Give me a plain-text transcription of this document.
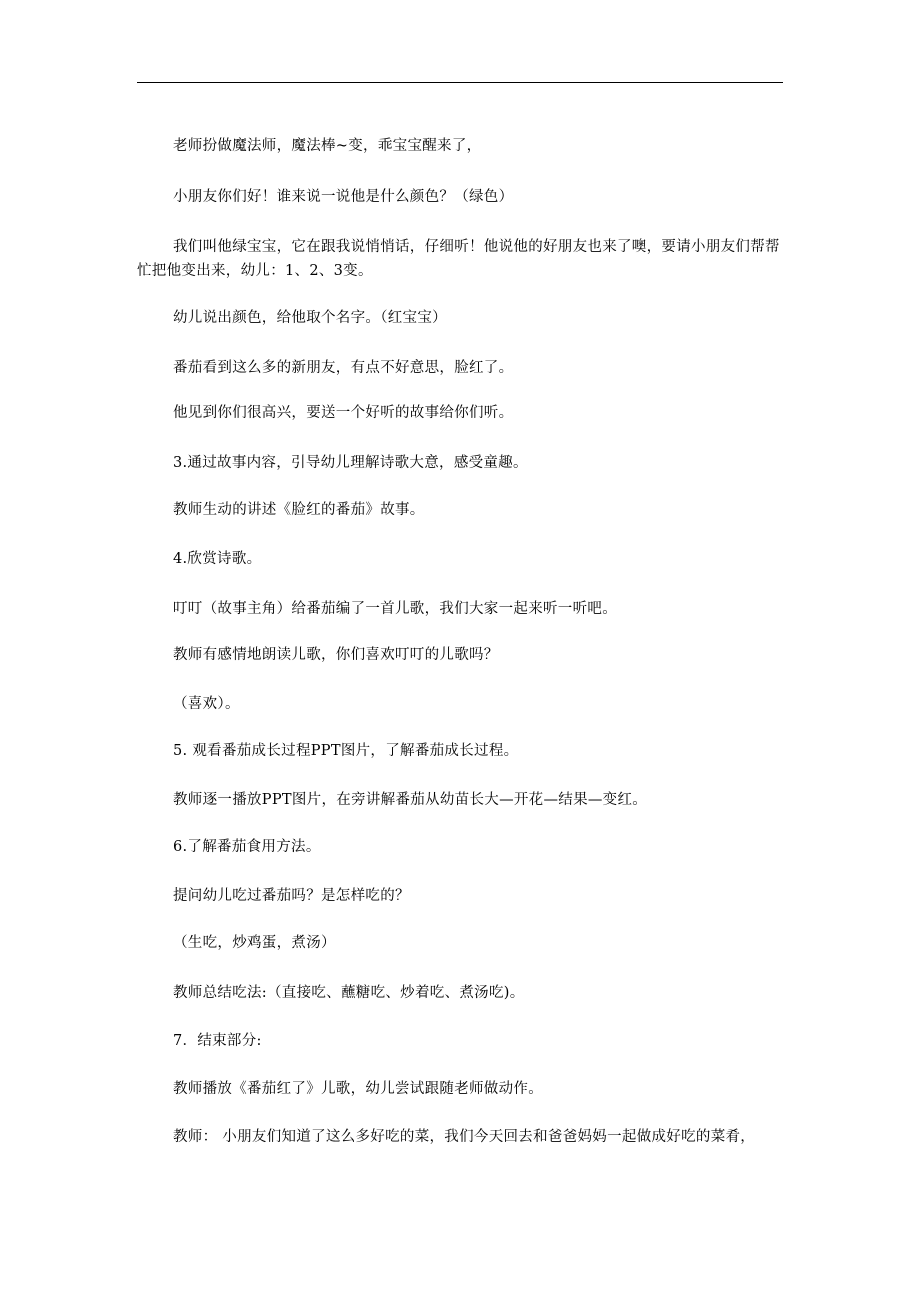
老师扮做魔法师，魔法棒~变，乖宝宝醒来了，

小朋友你们好！谁来说一说他是什么颜色？（绿色）

我们叫他绿宝宝，它在跟我说悄悄话，仔细听！他说他的好朋友也来了噢，要请小朋友们帮帮忙把他变出来，幼儿：1、2、3变。

幼儿说出颜色，给他取个名字。（红宝宝）

番茄看到这么多的新朋友，有点不好意思，脸红了。

他见到你们很高兴，要送一个好听的故事给你们听。

3.通过故事内容，引导幼儿理解诗歌大意，感受童趣。

教师生动的讲述《脸红的番茄》故事。

4.欣赏诗歌。

叮叮（故事主角）给番茄编了一首儿歌，我们大家一起来听一听吧。

教师有感情地朗读儿歌，你们喜欢叮叮的儿歌吗？

（喜欢）。

5. 观看番茄成长过程PPT图片，了解番茄成长过程。

教师逐一播放PPT图片，在旁讲解番茄从幼苗长大—开花—结果—变红。

6.了解番茄食用方法。

提问幼儿吃过番茄吗？是怎样吃的？

（生吃，炒鸡蛋，煮汤）

教师总结吃法:（直接吃、蘸糖吃、炒着吃、煮汤吃)。

7．结束部分:

教师播放《番茄红了》儿歌，幼儿尝试跟随老师做动作。

教师： 小朋友们知道了这么多好吃的菜，我们今天回去和爸爸妈妈一起做成好吃的菜肴，
